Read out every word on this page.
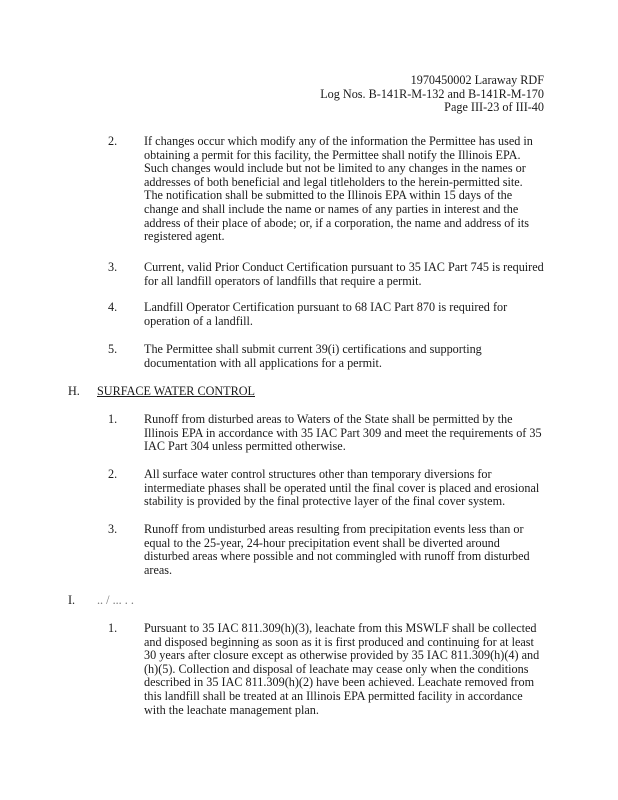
1970450002 Laraway RDF
Log Nos. B-141R-M-132 and B-141R-M-170
Page III-23 of III-40
2. If changes occur which modify any of the information the Permittee has used in
obtaining a permit for this facility, the Permittee shall notify the Illinois EPA.
Such changes would include but not be limited to any changes in the names or
addresses of both beneficial and legal titleholders to the herein-permitted site.
The notification shall be submitted to the Illinois EPA within 15 days of the
change and shall include the name or names of any parties in interest and the
address of their place of abode; or, if a corporation, the name and address of its
registered agent.
3. Current, valid Prior Conduct Certification pursuant to 35 IAC Part 745 is required
for all landfill operators of landfills that require a permit.
4. Landfill Operator Certification pursuant to 68 IAC Part 870 is required for
operation of a landfill.
5. The Permittee shall submit current 39(i) certifications and supporting
documentation with all applications for a permit.
H. SURFACE WATER CONTROL
1. Runoff from disturbed areas to Waters of the State shall be permitted by the
Illinois EPA in accordance with 35 IAC Part 309 and meet the requirements of 35
IAC Part 304 unless permitted otherwise.
2. All surface water control structures other than temporary diversions for
intermediate phases shall be operated until the final cover is placed and erosional
stability is provided by the final protective layer of the final cover system.
3. Runoff from undisturbed areas resulting from precipitation events less than or
equal to the 25-year, 24-hour precipitation event shall be diverted around
disturbed areas where possible and not commingled with runoff from disturbed
areas.
I. .. / ... . .
1. Pursuant to 35 IAC 811.309(h)(3), leachate from this MSWLF shall be collected
and disposed beginning as soon as it is first produced and continuing for at least
30 years after closure except as otherwise provided by 35 IAC 811.309(h)(4) and
(h)(5). Collection and disposal of leachate may cease only when the conditions
described in 35 IAC 811.309(h)(2) have been achieved. Leachate removed from
this landfill shall be treated at an Illinois EPA permitted facility in accordance
with the leachate management plan.
